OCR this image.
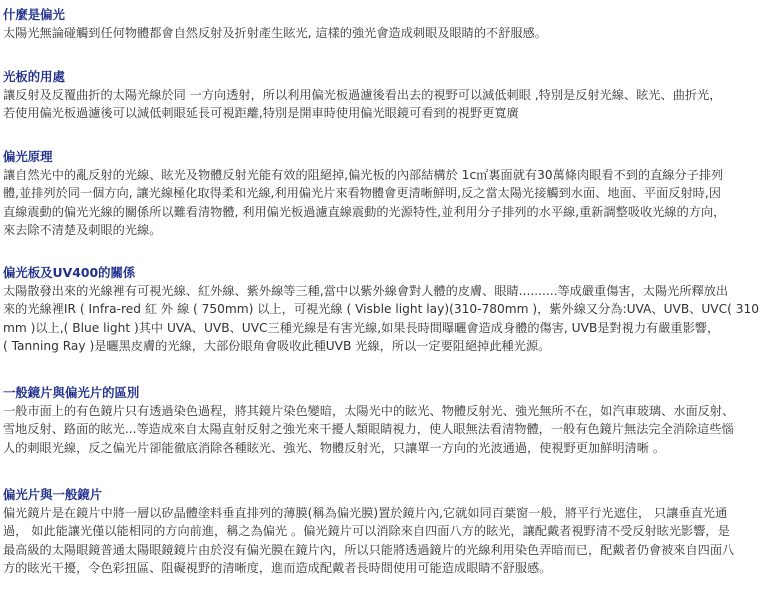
什麼是偏光

太陽光無論碰觸到任何物體都會自然反射及折射產生眩光, 這樣的強光會造成刺眼及眼睛的不舒服感。

光板的用處

讓反射及反覆曲折的太陽光線於同 一方向透射，所以利用偏光板過濾後看出去的視野可以減低刺眼 ,特別是反射光線、眩光、曲折光，
若使用偏光板過濾後可以減低刺眼延長可視距離,特別是開車時使用偏光眼鏡可看到的視野更寬廣

偏光原理

讓自然光中的亂反射的光線、眩光及物體反射光能有效的阻絕掉,偏光板的內部結構於 1c㎡裏面就有30萬條肉眼看不到的直線分子排列
體,並排列於同一個方向, 讓光線極化取得柔和光線,利用偏光片來看物體會更清晰鮮明,反之當太陽光接觸到水面、地面、平面反射時,因
直線震動的偏光光線的關係所以難看清物體, 利用偏光板過濾直線震動的光源特性,並利用分子排列的水平線,重新調整吸收光線的方向，
來去除不清楚及刺眼的光線。

偏光板及UV400的關係

太陽散發出來的光線裡有可視光線、紅外線、紫外線等三種,當中以紫外線會對人體的皮膚、眼睛..........等成嚴重傷害，太陽光所釋放出
來的光線裡IR ( Infra-red 紅 外 線 ( 750mm) 以上，可視光線 ( Visble light lay)(310-780mm )，紫外線又分為:UVA、UVB、UVC( 310
mm )以上,( Blue light )其中 UVA、UVB、UVC三種光線是有害光線,如果長時間曝曬會造成身體的傷害, UVB是對視力有嚴重影響，
( Tanning Ray )是曬黑皮膚的光線，大部份眼角會吸收此種UVB 光線，所以一定要阻絕掉此種光源。

一般鏡片與偏光片的區別

一般市面上的有色鏡片只有透過染色過程，將其鏡片染色變暗，太陽光中的眩光、物體反射光、強光無所不在，如汽車玻璃、水面反射、
雪地反射、路面的眩光...等造成來自太陽直射反射之強光來干擾人類眼睛視力，使人眼無法看清物體，一般有色鏡片無法完全消除這些惱
人的刺眼光線，反之偏光片卻能徹底消除各種眩光、強光、物體反射光，只讓單一方向的光波通過，使視野更加鮮明清晰 。

偏光片與一般鏡片

偏光鏡片是在鏡片中將一層以矽晶體塗料垂直排列的薄膜(稱為偏光膜)置於鏡片內,它就如同百葉窗一般，將平行光遮住， 只讓垂直光通
過， 如此能讓光僅以能相同的方向前進，稱之為偏光 。偏光鏡片可以消除來自四面八方的眩光，讓配戴者視野清不受反射眩光影響，是
最高級的太陽眼鏡普通太陽眼鏡鏡片由於沒有偏光膜在鏡片內，所以只能將透過鏡片的光線利用染色弄暗而已，配戴者仍會被來自四面八
方的眩光干擾，令色彩扭區、阻礙視野的清晰度，進而造成配戴者長時間使用可能造成眼睛不舒服感。
